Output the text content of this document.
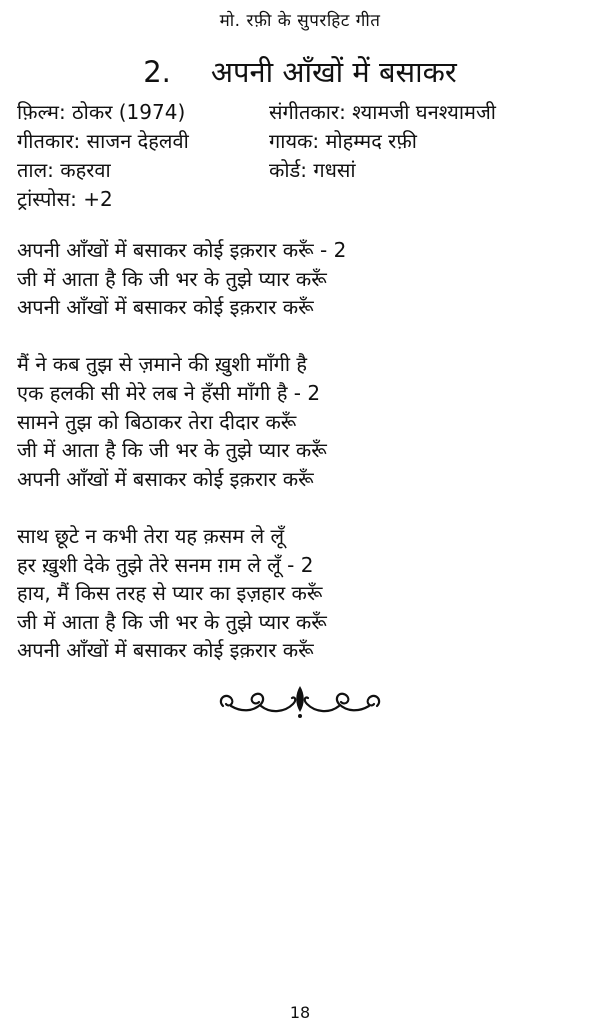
मो. रफ़ी के सुपरहिट गीत
2. अपनी आँखों में बसाकर
फ़िल्म: ठोकर (1974)	संगीतकार: श्यामजी घनश्यामजी
गीतकार: साजन देहलवी	गायक: मोहम्मद रफ़ी
ताल: कहरवा	कोर्ड: गधसां
ट्रांस्पोस: +2
अपनी आँखों में बसाकर कोई इक़रार करूँ - 2
जी में आता है कि जी भर के तुझे प्यार करूँ
अपनी आँखों में बसाकर कोई इक़रार करूँ
मैं ने कब तुझ से ज़माने की ख़ुशी माँगी है
एक हलकी सी मेरे लब ने हँसी माँगी है - 2
सामने तुझ को बिठाकर तेरा दीदार करूँ
जी में आता है कि जी भर के तुझे प्यार करूँ
अपनी आँखों में बसाकर कोई इक़रार करूँ
साथ छूटे न कभी तेरा यह क़सम ले लूँ
हर ख़ुशी देके तुझे तेरे सनम ग़म ले लूँ - 2
हाय, मैं किस तरह से प्यार का इज़हार करूँ
जी में आता है कि जी भर के तुझे प्यार करूँ
अपनी आँखों में बसाकर कोई इक़रार करूँ
18
